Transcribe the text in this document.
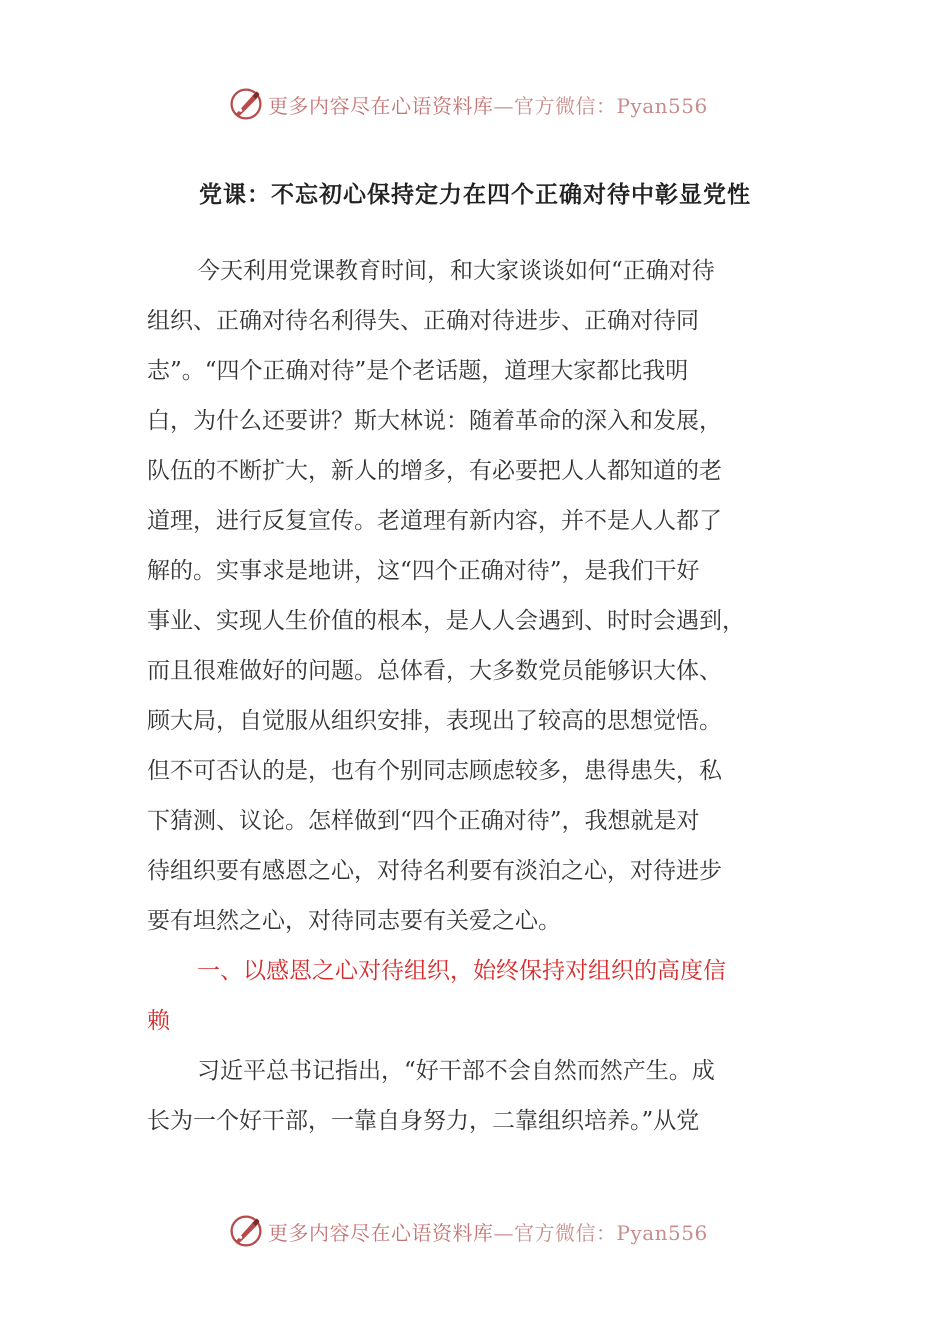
更多内容尽在心语资料库—官方微信：Pyan556
党课：不忘初心保持定力在四个正确对待中彰显党性

今天利用党课教育时间，和大家谈谈如何“正确对待
组织、正确对待名利得失、正确对待进步、正确对待同
志”。“四个正确对待”是个老话题，道理大家都比我明
白，为什么还要讲？斯大林说：随着革命的深入和发展，
队伍的不断扩大，新人的增多，有必要把人人都知道的老
道理，进行反复宣传。老道理有新内容，并不是人人都了
解的。实事求是地讲，这“四个正确对待”，是我们干好
事业、实现人生价值的根本，是人人会遇到、时时会遇到，
而且很难做好的问题。总体看，大多数党员能够识大体、
顾大局，自觉服从组织安排，表现出了较高的思想觉悟。
但不可否认的是，也有个别同志顾虑较多，患得患失，私
下猜测、议论。怎样做到“四个正确对待”，我想就是对
待组织要有感恩之心，对待名利要有淡泊之心，对待进步
要有坦然之心，对待同志要有关爱之心。

一、以感恩之心对待组织，始终保持对组织的高度信
赖

习近平总书记指出，“好干部不会自然而然产生。成
长为一个好干部，一靠自身努力，二靠组织培养。”从党

更多内容尽在心语资料库—官方微信：Pyan556
